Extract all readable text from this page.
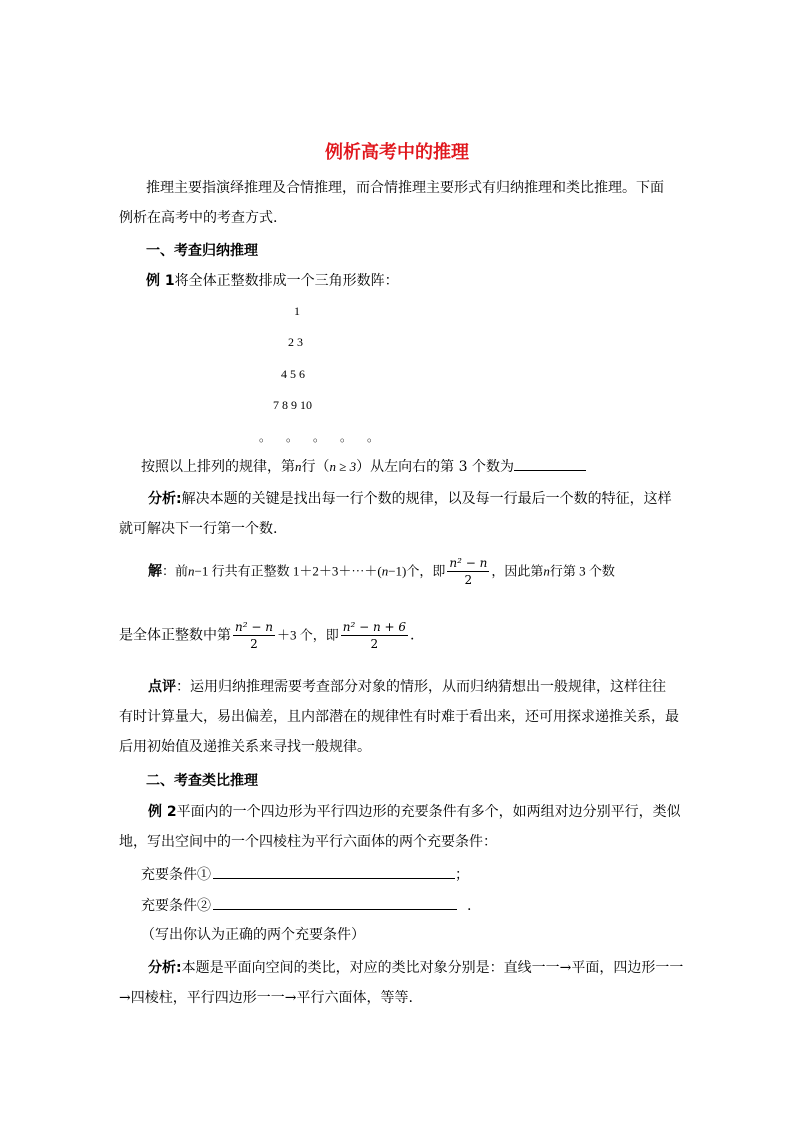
例析高考中的推理
推理主要指演绎推理及合情推理，而合情推理主要形式有归纳推理和类比推理。下面
例析在高考中的考查方式.
一、考查归纳推理
例 1将全体正整数排成一个三角形数阵：
1
2 3
4 5 6
7 8 9 10
。 。 。 。 。
按照以上排列的规律，第n行（n ≥ 3）从左向右的第 3 个数为
分析:解决本题的关键是找出每一行个数的规律，以及每一行最后一个数的特征，这样
就可解决下一行第一个数.
解：前n−1 行共有正整数 1＋2＋3＋⋯＋(n−1)个，即 $\frac{\text{n² − n}}{2}$ ，因此第n行第 3 个数
是全体正整数中第 $\frac{\text{n² − n}}{2} +3$ 个，即 $\frac{\text{n² − n + 6}}{2}$ .
点评：运用归纳推理需要考查部分对象的情形，从而归纳猜想出一般规律，这样往往
有时计算量大，易出偏差，且内部潜在的规律性有时难于看出来，还可用探求递推关系，最
后用初始值及递推关系来寻找一般规律。
二、考查类比推理
例 2平面内的一个四边形为平行四边形的充要条件有多个，如两组对边分别平行，类似
地，写出空间中的一个四棱柱为平行六面体的两个充要条件：
充要条件①	；
充要条件②	.
（写出你认为正确的两个充要条件）
分析:本题是平面向空间的类比，对应的类比对象分别是：直线一一→平面，四边形一一
→四棱柱，平行四边形一一→平行六面体，等等.
